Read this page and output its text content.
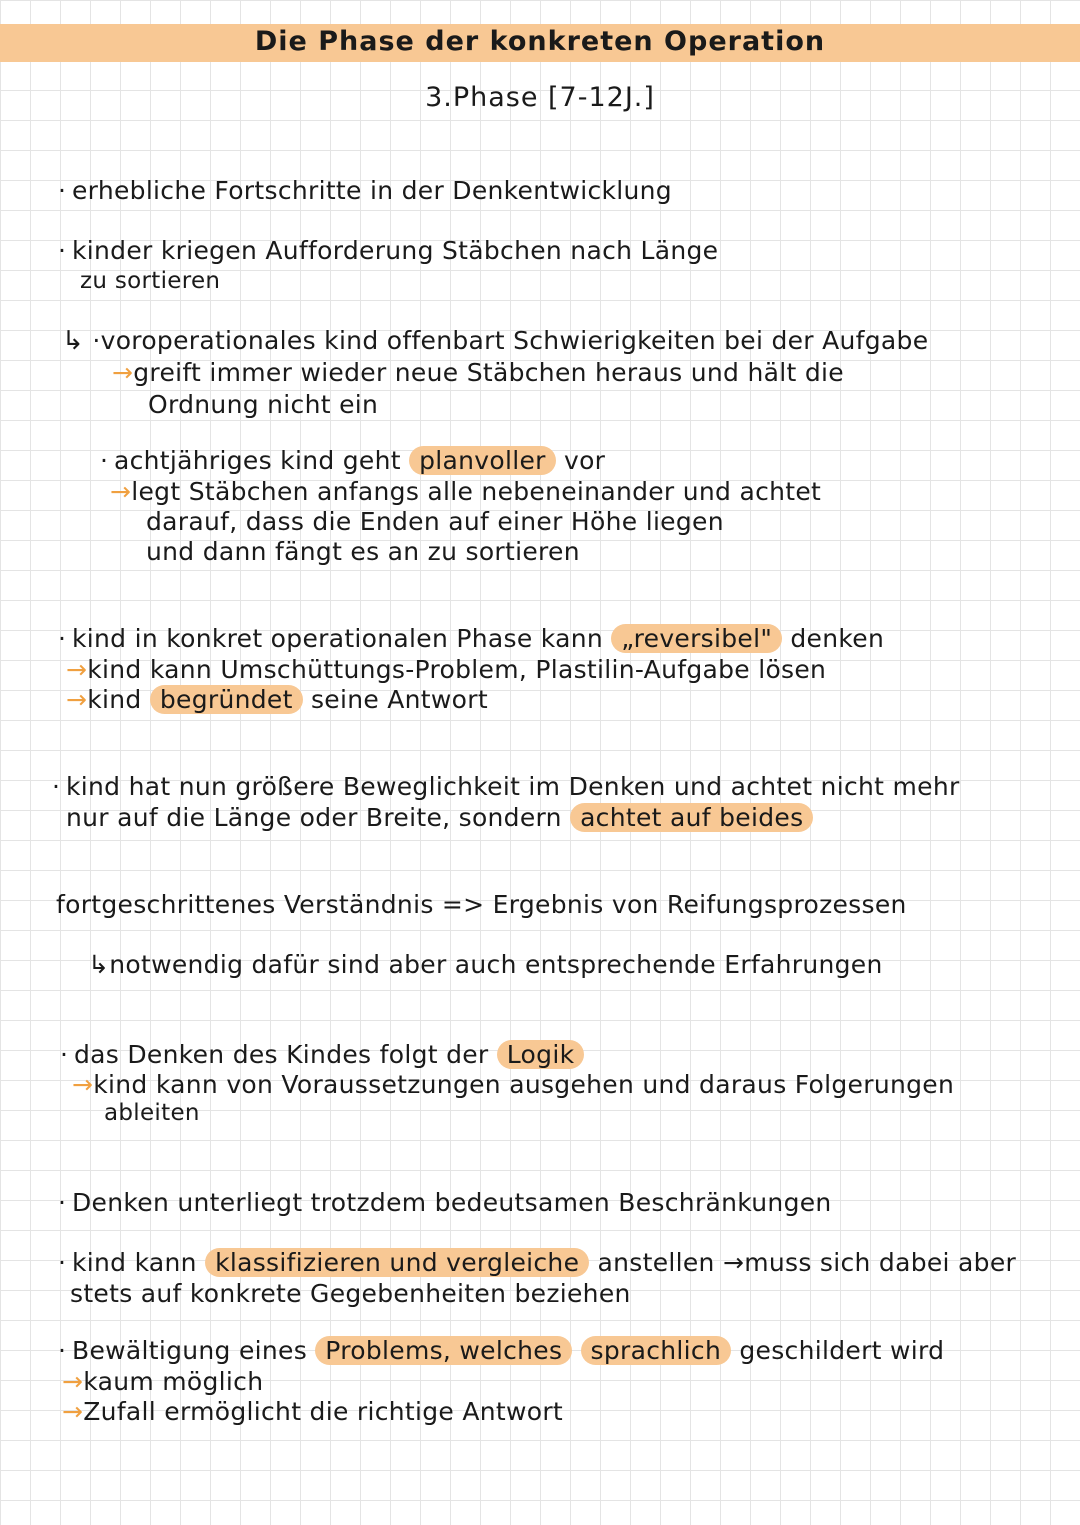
Die Phase der konkreten Operation
3.Phase [7-12J.]
· erhebliche Fortschritte in der Denkentwicklung
· kinder kriegen Aufforderung Stäbchen nach Länge
zu sortieren
↳ ·voroperationales kind offenbart Schwierigkeiten bei der Aufgabe
→greift immer wieder neue Stäbchen heraus und hält die
Ordnung nicht ein
· achtjähriges kind geht planvoller vor
→legt Stäbchen anfangs alle nebeneinander und achtet
darauf, dass die Enden auf einer Höhe liegen
und dann fängt es an zu sortieren
· kind in konkret operationalen Phase kann „reversibel" denken
→kind kann Umschüttungs-Problem, Plastilin-Aufgabe lösen
→kind begründet seine Antwort
· kind hat nun größere Beweglichkeit im Denken und achtet nicht mehr
nur auf die Länge oder Breite, sondern achtet auf beides
fortgeschrittenes Verständnis => Ergebnis von Reifungsprozessen
↳notwendig dafür sind aber auch entsprechende Erfahrungen
· das Denken des Kindes folgt der Logik
→kind kann von Voraussetzungen ausgehen und daraus Folgerungen
ableiten
· Denken unterliegt trotzdem bedeutsamen Beschränkungen
· kind kann klassifizieren und vergleiche anstellen →muss sich dabei aber
stets auf konkrete Gegebenheiten beziehen
· Bewältigung eines Problems, welches sprachlich geschildert wird
→kaum möglich
→Zufall ermöglicht die richtige Antwort
